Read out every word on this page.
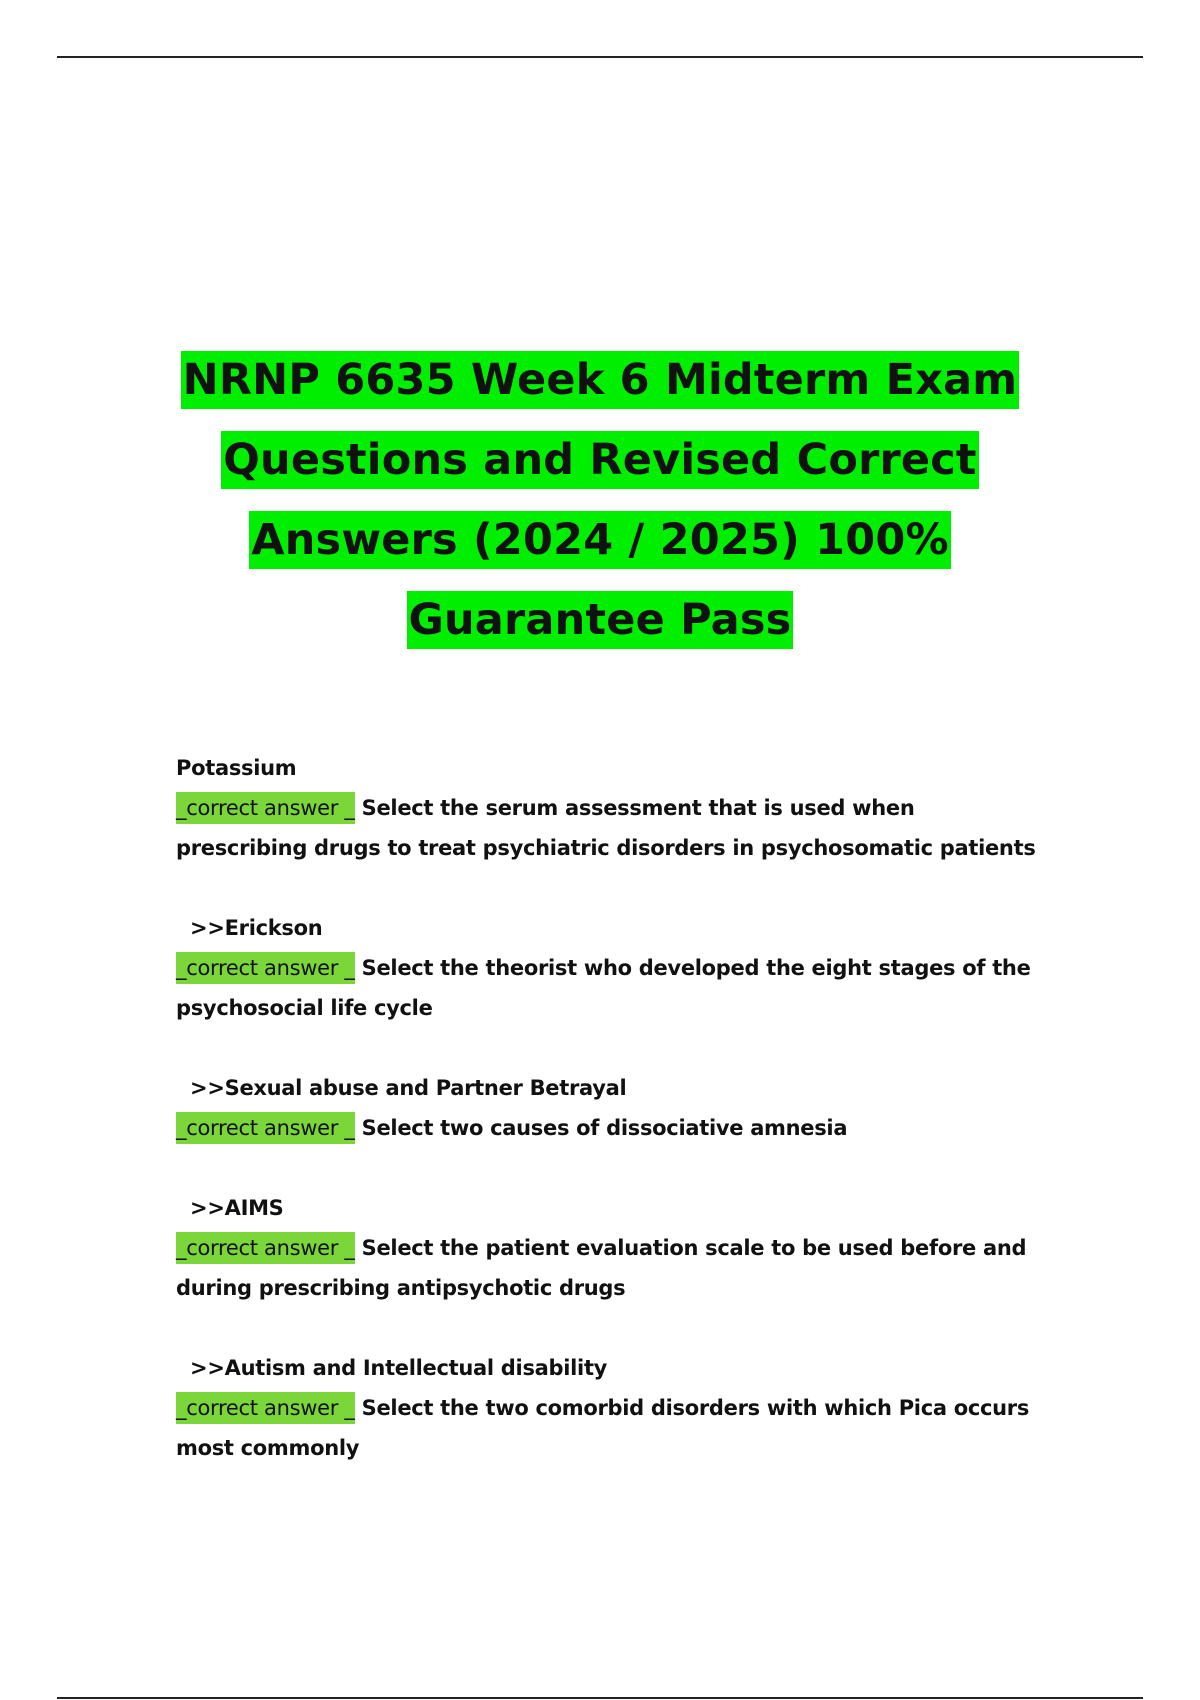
NRNP 6635 Week 6 Midterm Exam Questions and Revised Correct Answers (2024 / 2025) 100% Guarantee Pass
Potassium
_correct answer _ Select the serum assessment that is used when prescribing drugs to treat psychiatric disorders in psychosomatic patients
>>Erickson
_correct answer _ Select the theorist who developed the eight stages of the psychosocial life cycle
>>Sexual abuse and Partner Betrayal
_correct answer _ Select two causes of dissociative amnesia
>>AIMS
_correct answer _ Select the patient evaluation scale to be used before and during prescribing antipsychotic drugs
>>Autism and Intellectual disability
_correct answer _ Select the two comorbid disorders with which Pica occurs most commonly
